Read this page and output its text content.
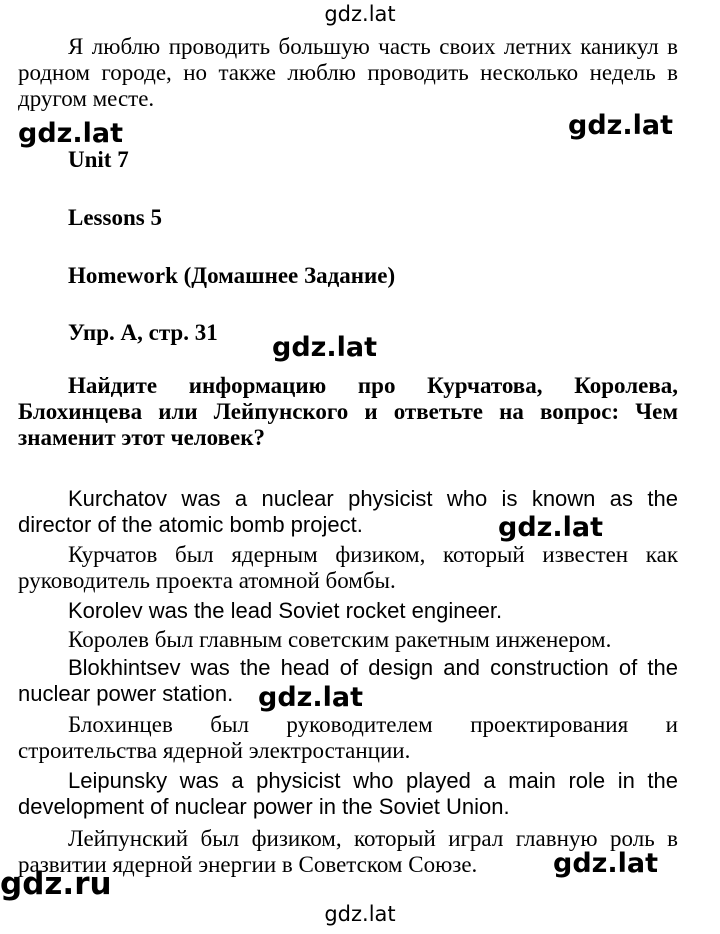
gdz.lat
Я люблю проводить большую часть своих летних каникул в родном городе, но также люблю проводить несколько недель в другом месте.
gdz.lat	gdz.lat
Unit 7
Lessons 5
Homework (Домашнее Задание)
Упр. A, стр. 31 gdz.lat
Найдите информацию про Курчатова, Королева, Блохинцева или Лейпунского и ответьте на вопрос: Чем знаменит этот человек?
Kurchatov was a nuclear physicist who is known as the director of the atomic bomb project.	gdz.lat
Курчатов был ядерным физиком, который известен как руководитель проекта атомной бомбы.
Korolev was the lead Soviet rocket engineer.
Королев был главным советским ракетным инженером.
Blokhintsev was the head of design and construction of the nuclear power station. gdz.lat
Блохинцев был руководителем проектирования и строительства ядерной электростанции.
Leipunsky was a physicist who played a main role in the development of nuclear power in the Soviet Union.
Лейпунский был физиком, который играл главную роль в развитии ядерной энергии в Советском Союзе.	gdz.lat
gdz.ru
gdz.lat
